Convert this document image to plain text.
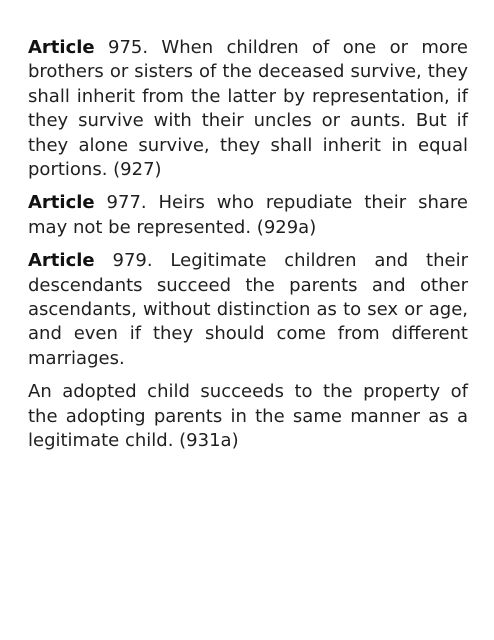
Article 975. When children of one or more brothers or sisters of the deceased survive, they shall inherit from the latter by representation, if they survive with their uncles or aunts. But if they alone survive, they shall inherit in equal portions. (927)

Article 977. Heirs who repudiate their share may not be represented. (929a)

Article 979. Legitimate children and their descendants succeed the parents and other ascendants, without distinction as to sex or age, and even if they should come from different marriages.

An adopted child succeeds to the property of the adopting parents in the same manner as a legitimate child. (931a)
